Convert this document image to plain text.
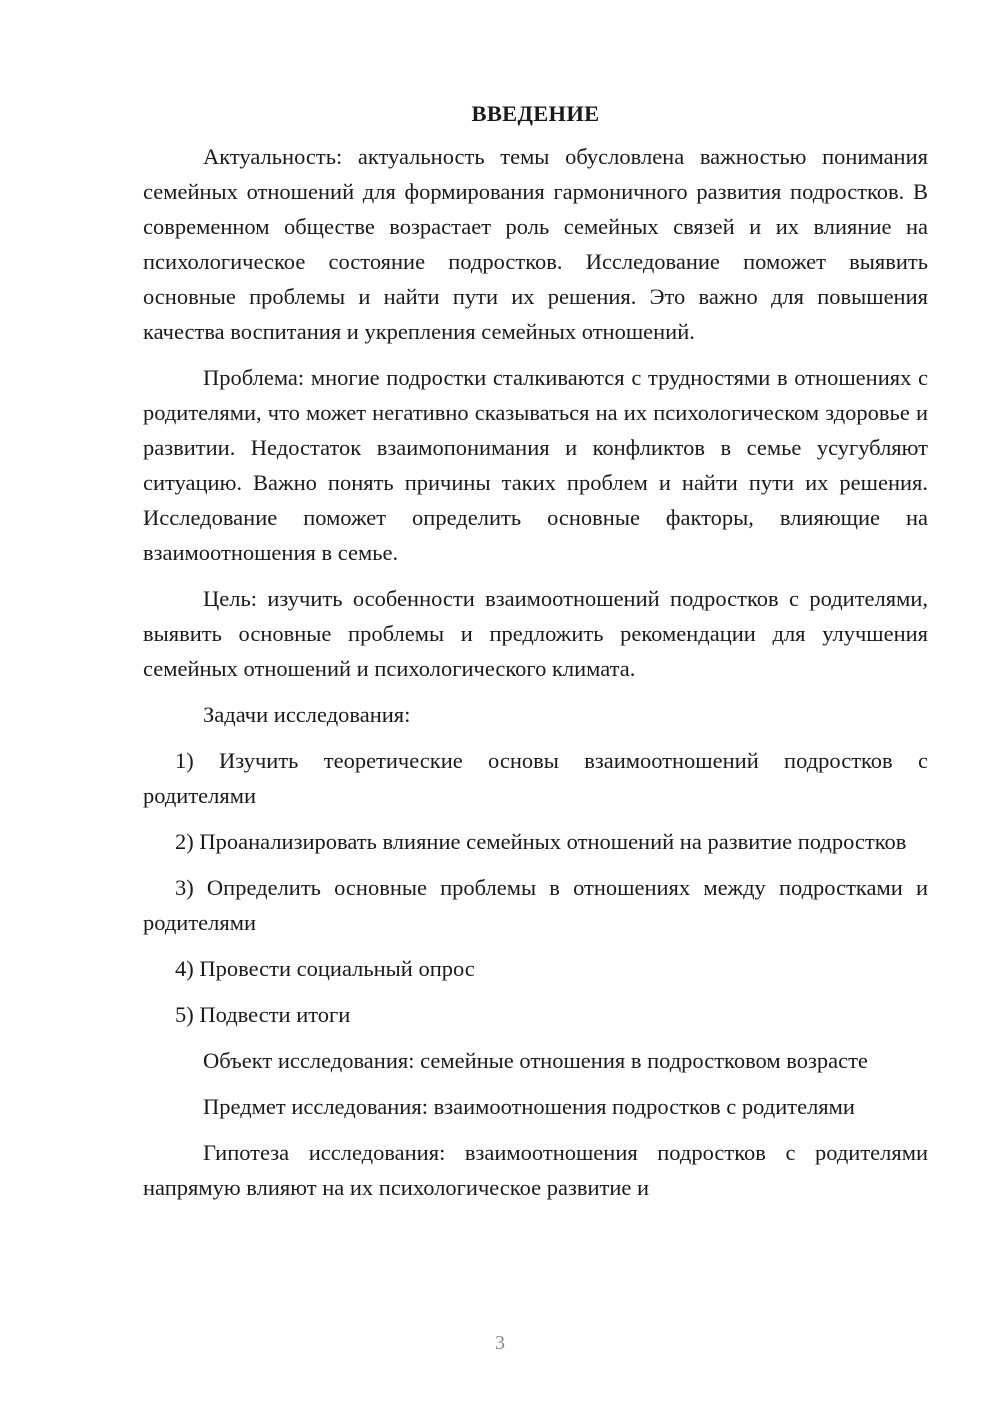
ВВЕДЕНИЕ

Актуальность: актуальность темы обусловлена важностью понимания семейных отношений для формирования гармоничного развития подростков. В современном обществе возрастает роль семейных связей и их влияние на психологическое состояние подростков. Исследование поможет выявить основные проблемы и найти пути их решения. Это важно для повышения качества воспитания и укрепления семейных отношений.

Проблема: многие подростки сталкиваются с трудностями в отношениях с родителями, что может негативно сказываться на их психологическом здоровье и развитии. Недостаток взаимопонимания и конфликтов в семье усугубляют ситуацию. Важно понять причины таких проблем и найти пути их решения. Исследование поможет определить основные факторы, влияющие на взаимоотношения в семье.

Цель: изучить особенности взаимоотношений подростков с родителями, выявить основные проблемы и предложить рекомендации для улучшения семейных отношений и психологического климата.

Задачи исследования:

1) Изучить теоретические основы взаимоотношений подростков с родителями

2) Проанализировать влияние семейных отношений на развитие подростков

3) Определить основные проблемы в отношениях между подростками и родителями

4) Провести социальный опрос

5) Подвести итоги

Объект исследования: семейные отношения в подростковом возрасте

Предмет исследования: взаимоотношения подростков с родителями

Гипотеза исследования: взаимоотношения подростков с родителями напрямую влияют на их психологическое развитие и

3
